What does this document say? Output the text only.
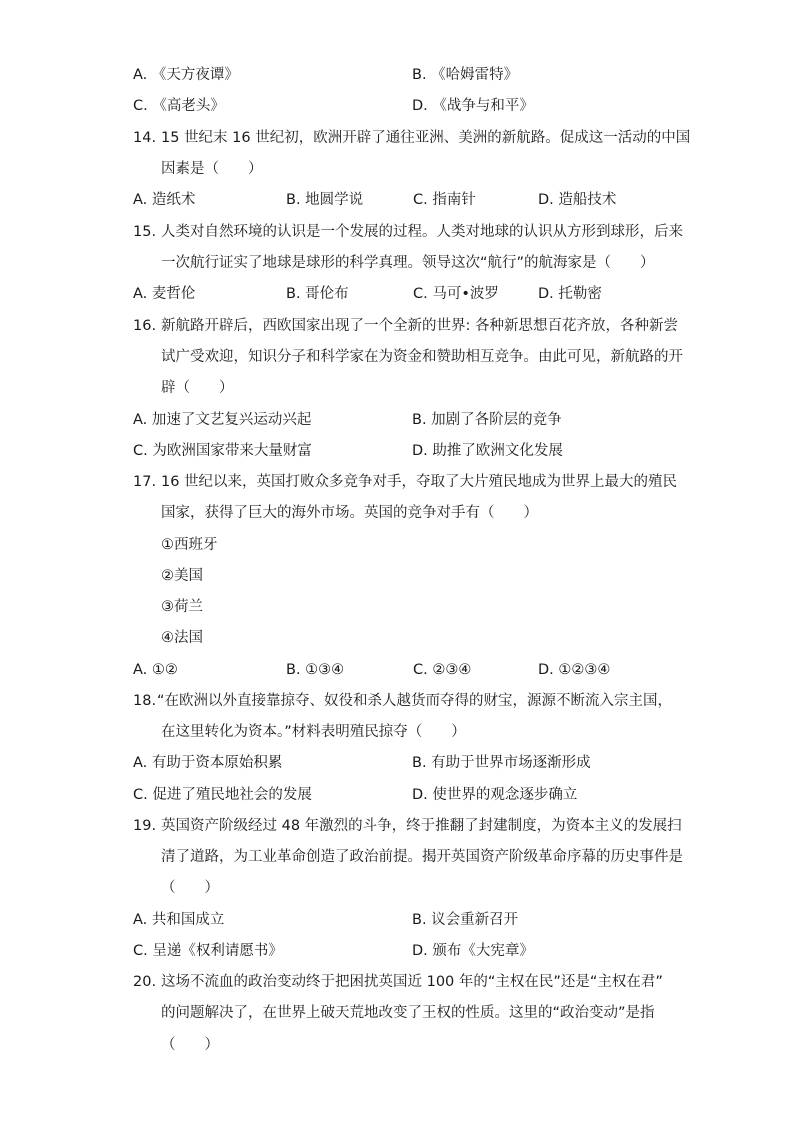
A. 《天方夜谭》	B. 《哈姆雷特》
C. 《高老头》	D. 《战争与和平》
14. 15 世纪末 16 世纪初，欧洲开辟了通往亚洲、美洲的新航路。促成这一活动的中国
因素是（　　）
A. 造纸术	B. 地圆学说	C. 指南针	D. 造船技术
15. 人类对自然环境的认识是一个发展的过程。人类对地球的认识从方形到球形，后来
一次航行证实了地球是球形的科学真理。领导这次“航行”的航海家是（　　）
A. 麦哲伦	B. 哥伦布	C. 马可•波罗	D. 托勒密
16. 新航路开辟后，西欧国家出现了一个全新的世界: 各种新思想百花齐放，各种新尝
试广受欢迎，知识分子和科学家在为资金和赞助相互竞争。由此可见，新航路的开
辟（　　）
A. 加速了文艺复兴运动兴起	B. 加剧了各阶层的竞争
C. 为欧洲国家带来大量财富	D. 助推了欧洲文化发展
17. 16 世纪以来，英国打败众多竞争对手，夺取了大片殖民地成为世界上最大的殖民
国家，获得了巨大的海外市场。英国的竞争对手有（　　）
①西班牙
②美国
③荷兰
④法国
A. ①②	B. ①③④	C. ②③④	D. ①②③④
18. “在欧洲以外直接靠掠夺、奴役和杀人越货而夺得的财宝，源源不断流入宗主国，
在这里转化为资本。”材料表明殖民掠夺（　　）
A. 有助于资本原始积累	B. 有助于世界市场逐渐形成
C. 促进了殖民地社会的发展	D. 使世界的观念逐步确立
19. 英国资产阶级经过 48 年激烈的斗争，终于推翻了封建制度，为资本主义的发展扫
清了道路，为工业革命创造了政治前提。揭开英国资产阶级革命序幕的历史事件是
（　　）
A. 共和国成立	B. 议会重新召开
C. 呈递《权利请愿书》	D. 颁布《大宪章》
20. 这场不流血的政治变动终于把困扰英国近 100 年的“主权在民”还是“主权在君”
的问题解决了，在世界上破天荒地改变了王权的性质。这里的“政治变动”是指
（　　）
